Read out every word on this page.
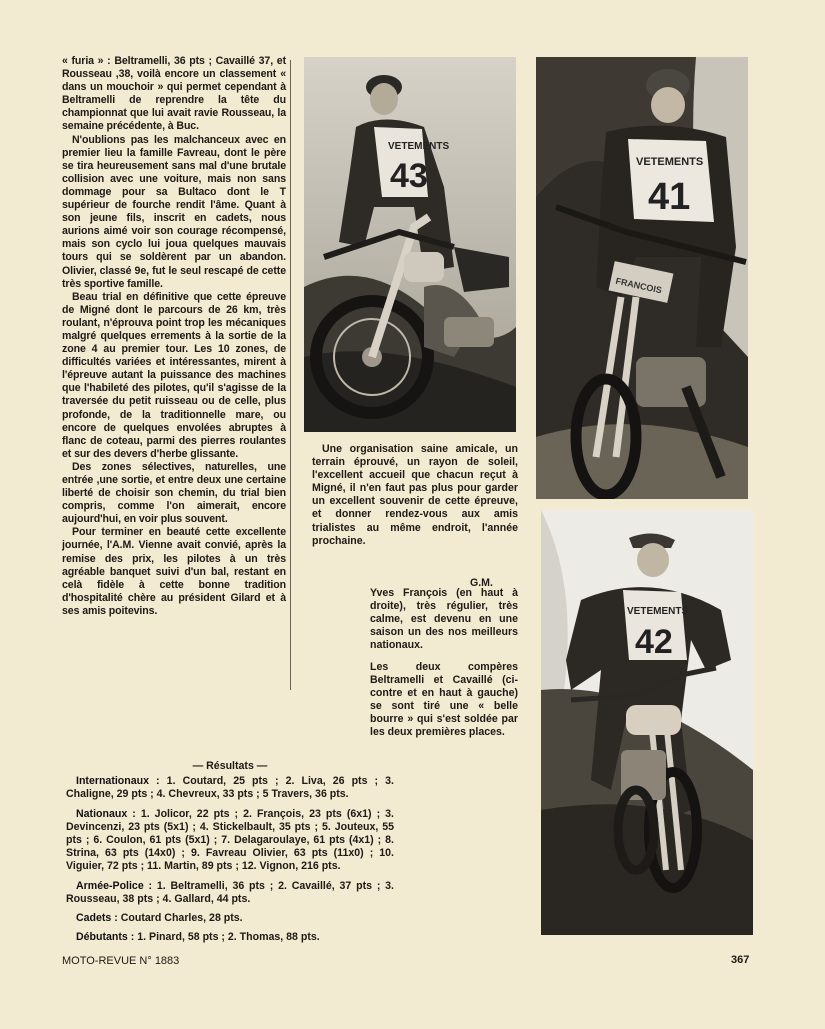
« furia » : Beltramelli, 36 pts ; Cavaillé 37, et Rousseau ,38, voilà encore un classement « dans un mouchoir » qui permet cependant à Beltramelli de reprendre la tête du championnat que lui avait ravie Rousseau, la semaine précédente, à Buc.

N'oublions pas les malchanceux avec en premier lieu la famille Favreau, dont le père se tira heureusement sans mal d'une brutale collision avec une voiture, mais non sans dommage pour sa Bultaco dont le T supérieur de fourche rendit l'âme. Quant à son jeune fils, inscrit en cadets, nous aurions aimé voir son courage récompensé, mais son cyclo lui joua quelques mauvais tours qui se soldèrent par un abandon. Olivier, classé 9e, fut le seul rescapé de cette très sportive famille.

Beau trial en définitive que cette épreuve de Migné dont le parcours de 26 km, très roulant, n'éprouva point trop les mécaniques malgré quelques errements à la sortie de la zone 4 au premier tour. Les 10 zones, de difficultés variées et intéressantes, mirent à l'épreuve autant la puissance des machines que l'habileté des pilotes, qu'il s'agisse de la traversée du petit ruisseau ou de celle, plus profonde, de la traditionnelle mare, ou encore de quelques envolées abruptes à flanc de coteau, parmi des pierres roulantes et sur des devers d'herbe glissante.

Des zones sélectives, naturelles, une entrée ,une sortie, et entre deux une certaine liberté de choisir son chemin, du trial bien compris, comme l'on aimerait, encore aujourd'hui, en voir plus souvent.

Pour terminer en beauté cette excellente journée, l'A.M. Vienne avait convié, après la remise des prix, les pilotes à un très agréable banquet suivi d'un bal, restant en celà fidèle à cette bonne tradition d'hospitalité chère au président Gilard et à ses amis poitevins.

VETEMENTS
43	VETEMENTS
41
FRANCOIS
VETEMENTS
42

Une organisation saine amicale, un terrain éprouvé, un rayon de soleil, l'excellent accueil que chacun reçut à Migné, il n'en faut pas plus pour garder un excellent souvenir de cette épreuve, et donner rendez-vous aux amis trialistes au même endroit, l'année prochaine.

G.M.

Yves François (en haut à droite), très régulier, très calme, est devenu en une saison un des nos meilleurs nationaux.

Les deux compères Beltramelli et Cavaillé (ci-contre et en haut à gauche) se sont tiré une « belle bourre » qui s'est soldée par les deux premières places.

— Résultats —

Internationaux : 1. Coutard, 25 pts ; 2. Liva, 26 pts ; 3. Chaligne, 29 pts ; 4. Chevreux, 33 pts ; 5 Travers, 36 pts.

Nationaux : 1. Jolicor, 22 pts ; 2. François, 23 pts (6x1) ; 3. Devincenzi, 23 pts (5x1) ; 4. Stickelbault, 35 pts ; 5. Jouteux, 55 pts ; 6. Coulon, 61 pts (5x1) ; 7. Delagaroulaye, 61 pts (4x1) ; 8. Strina, 63 pts (14x0) ; 9. Favreau Olivier, 63 pts (11x0) ; 10. Viguier, 72 pts ; 11. Martin, 89 pts ; 12. Vignon, 216 pts.

Armée-Police : 1. Beltramelli, 36 pts ; 2. Cavaillé, 37 pts ; 3. Rousseau, 38 pts ; 4. Gallard, 44 pts.

Cadets : Coutard Charles, 28 pts.

Débutants : 1. Pinard, 58 pts ; 2. Thomas, 88 pts.

MOTO-REVUE N° 1883	367
